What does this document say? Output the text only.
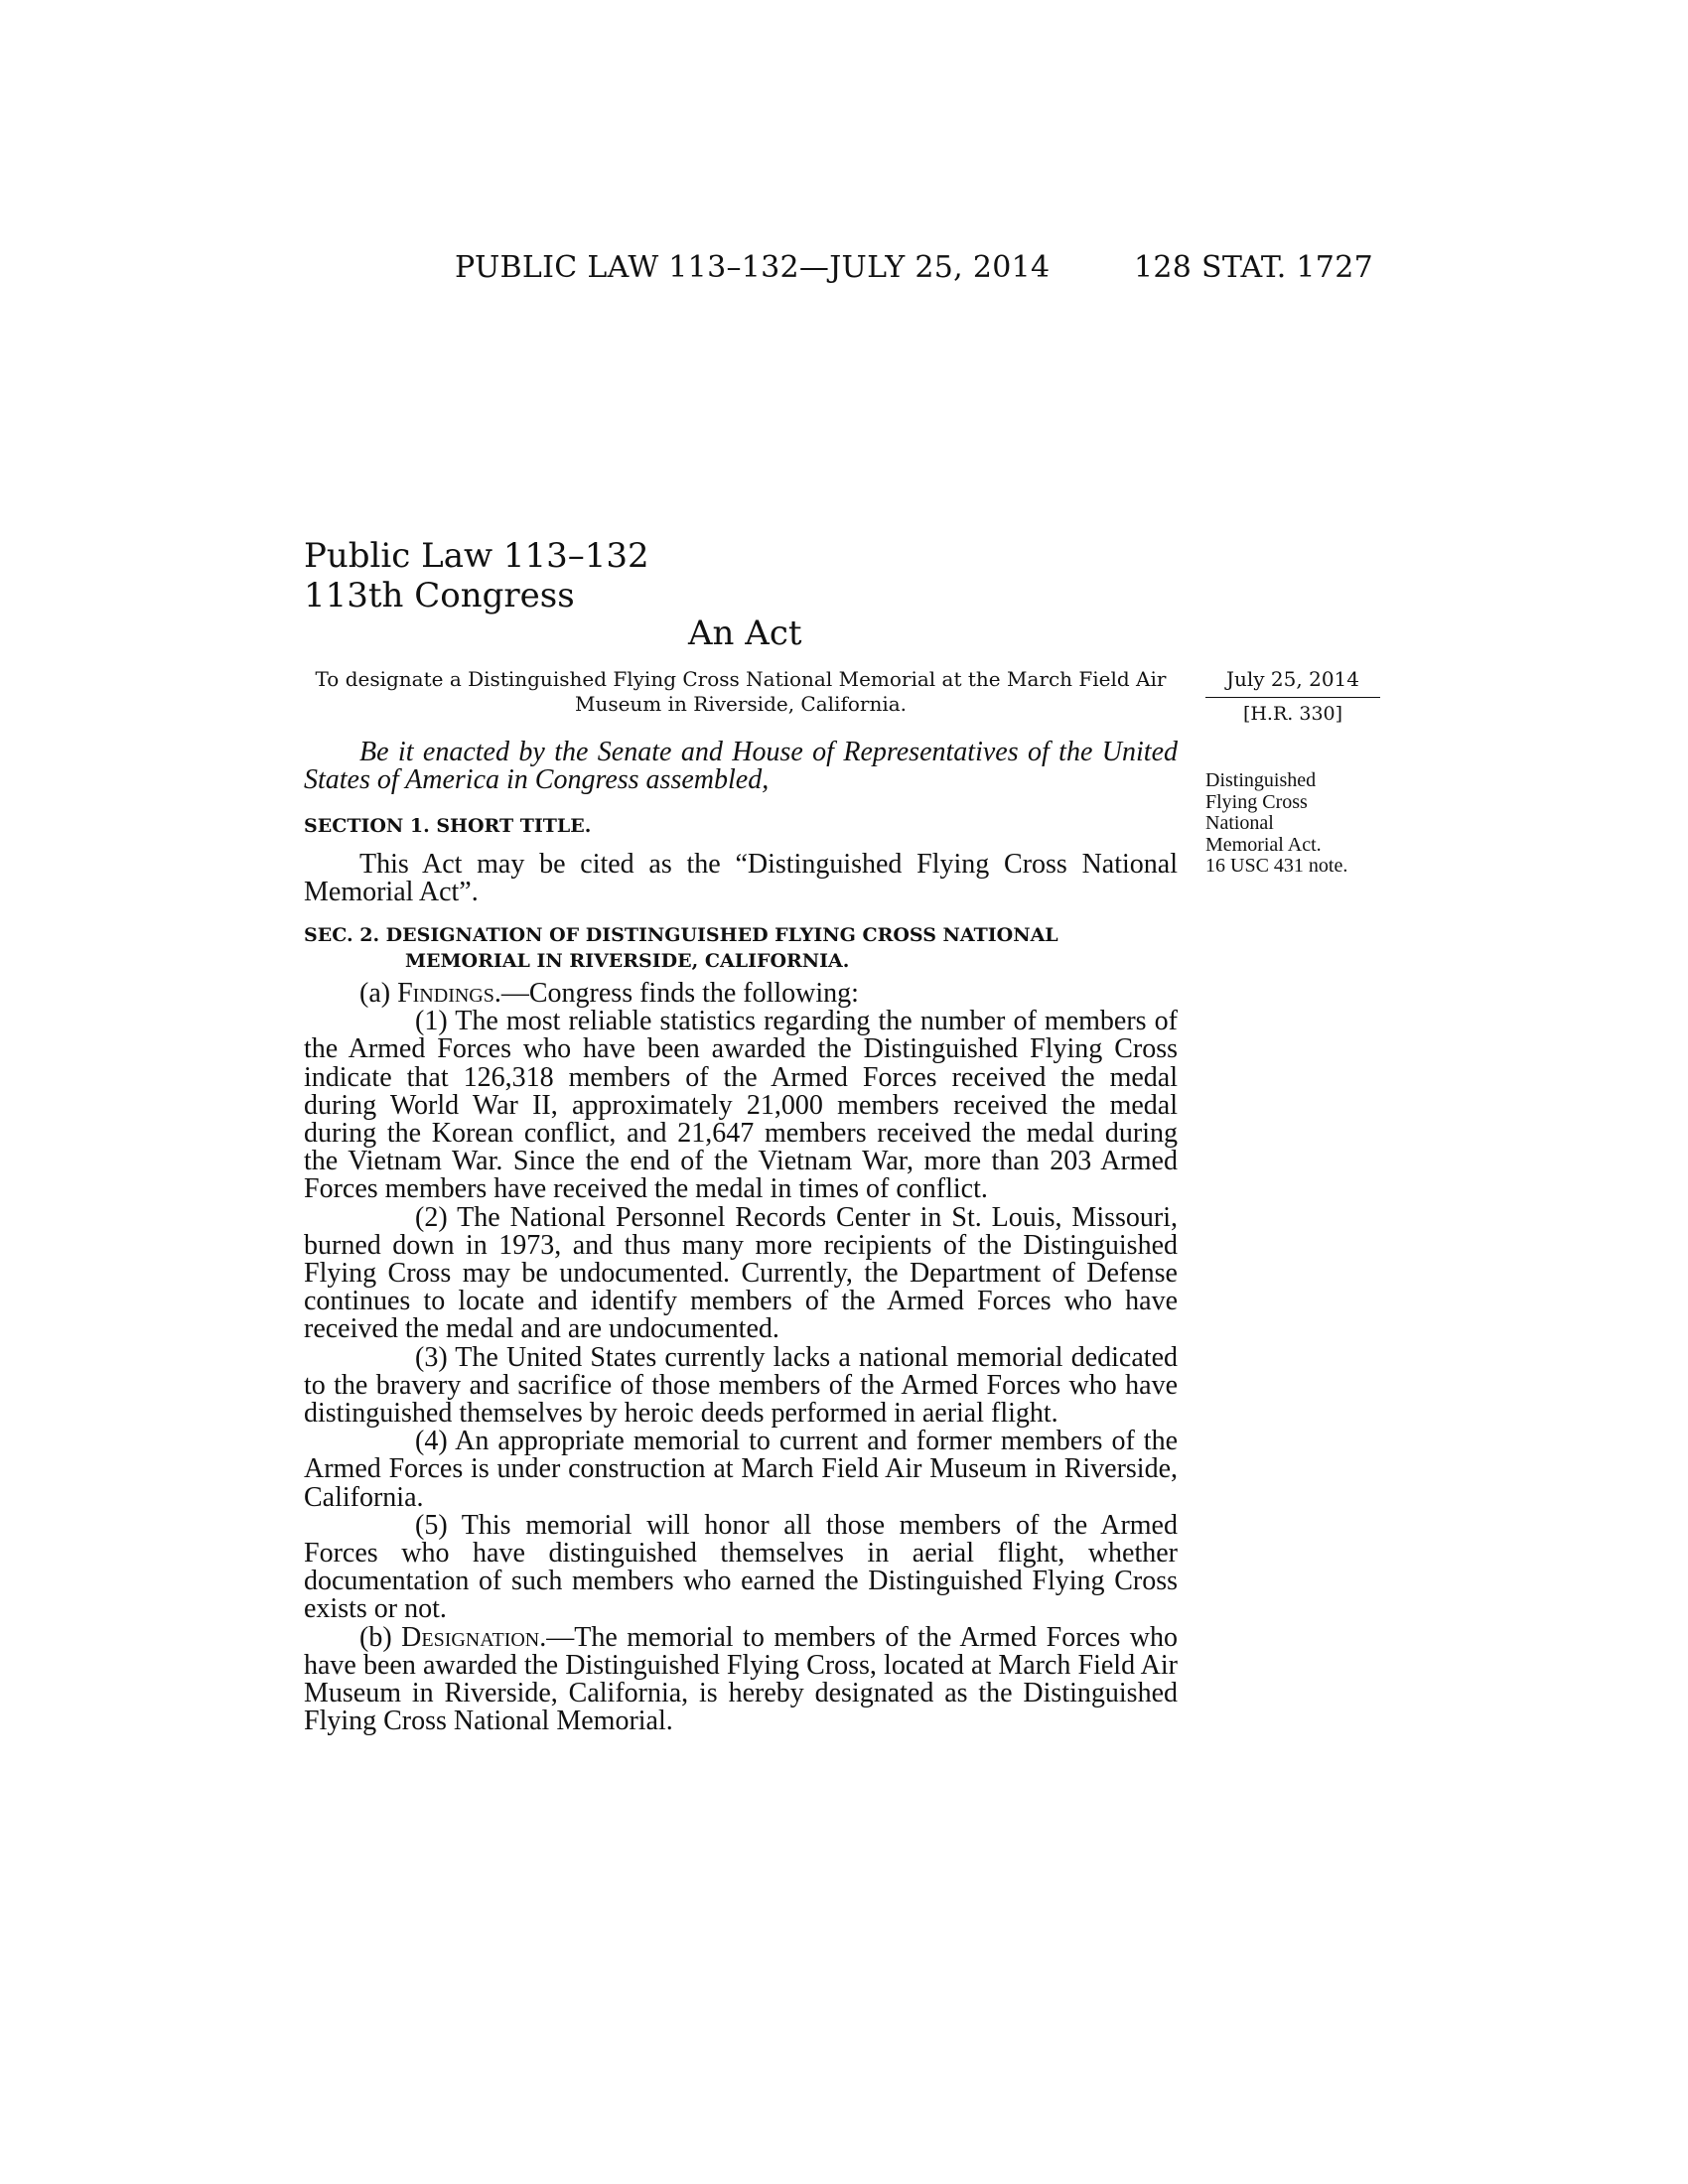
PUBLIC LAW 113–132—JULY 25, 2014	128 STAT. 1727
Public Law 113–132
113th Congress
An Act
To designate a Distinguished Flying Cross National Memorial at the March Field Air Museum in Riverside, California.
July 25, 2014
[H.R. 330]
Distinguished
Flying Cross
National
Memorial Act.
16 USC 431 note.

Be it enacted by the Senate and House of Representatives of the United States of America in Congress assembled,

SECTION 1. SHORT TITLE.

This Act may be cited as the “Distinguished Flying Cross National Memorial Act”.

SEC. 2. DESIGNATION OF DISTINGUISHED FLYING CROSS NATIONAL MEMORIAL IN RIVERSIDE, CALIFORNIA.

(a) Findings.—Congress finds the following:

(1) The most reliable statistics regarding the number of members of the Armed Forces who have been awarded the Distinguished Flying Cross indicate that 126,318 members of the Armed Forces received the medal during World War II, approximately 21,000 members received the medal during the Korean conflict, and 21,647 members received the medal during the Vietnam War. Since the end of the Vietnam War, more than 203 Armed Forces members have received the medal in times of conflict.

(2) The National Personnel Records Center in St. Louis, Missouri, burned down in 1973, and thus many more recipients of the Distinguished Flying Cross may be undocumented. Currently, the Department of Defense continues to locate and identify members of the Armed Forces who have received the medal and are undocumented.

(3) The United States currently lacks a national memorial dedicated to the bravery and sacrifice of those members of the Armed Forces who have distinguished themselves by heroic deeds performed in aerial flight.

(4) An appropriate memorial to current and former members of the Armed Forces is under construction at March Field Air Museum in Riverside, California.

(5) This memorial will honor all those members of the Armed Forces who have distinguished themselves in aerial flight, whether documentation of such members who earned the Distinguished Flying Cross exists or not.

(b) Designation.—The memorial to members of the Armed Forces who have been awarded the Distinguished Flying Cross, located at March Field Air Museum in Riverside, California, is hereby designated as the Distinguished Flying Cross National Memorial.
